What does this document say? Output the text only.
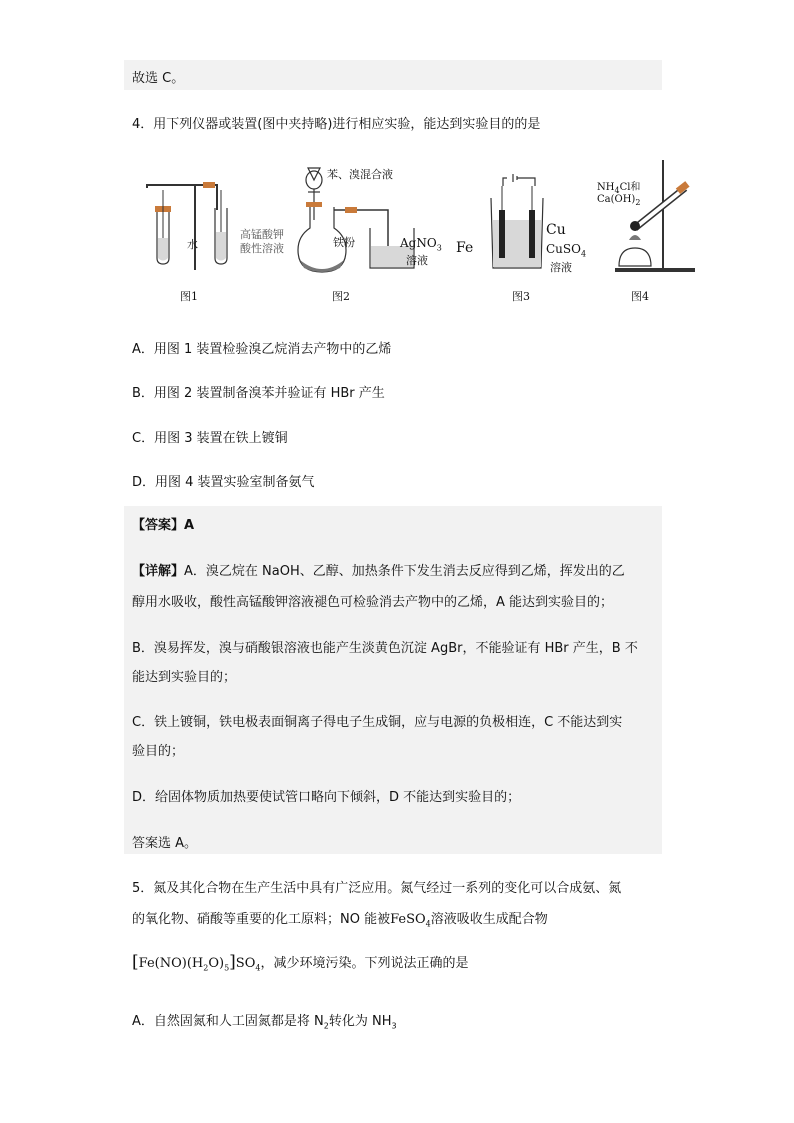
故选 C。
4．用下列仪器或装置(图中夹持略)进行相应实验，能达到实验目的的是
水
高锰酸钾
酸性溶液
图1
苯、溴混合液
铁粉	AgNO$_3$
溶液
图2
Fe
Cu
CuSO$_4$
溶液
图3
$NH_4Cl$和
$Ca(OH)_2$
图4
A．用图 1 装置检验溴乙烷消去产物中的乙烯
B．用图 2 装置制备溴苯并验证有 HBr 产生
C．用图 3 装置在铁上镀铜
D．用图 4 装置实验室制备氨气
【答案】A
【详解】A．溴乙烷在 NaOH、乙醇、加热条件下发生消去反应得到乙烯，挥发出的乙
醇用水吸收，酸性高锰酸钾溶液褪色可检验消去产物中的乙烯，A 能达到实验目的；
B．溴易挥发，溴与硝酸银溶液也能产生淡黄色沉淀 AgBr，不能验证有 HBr 产生，B 不
能达到实验目的；
C．铁上镀铜，铁电极表面铜离子得电子生成铜，应与电源的负极相连，C 不能达到实
验目的；
D．给固体物质加热要使试管口略向下倾斜，D 不能达到实验目的；
答案选 A。
5．氮及其化合物在生产生活中具有广泛应用。氮气经过一系列的变化可以合成氨、氮
的氧化物、硝酸等重要的化工原料；NO 能被FeSO$_4$溶液吸收生成配合物
$[Fe(NO)(H_2O)_5]SO_4$，减少环境污染。下列说法正确的是
A．自然固氮和人工固氮都是将 $N_2$转化为 $NH_3$
